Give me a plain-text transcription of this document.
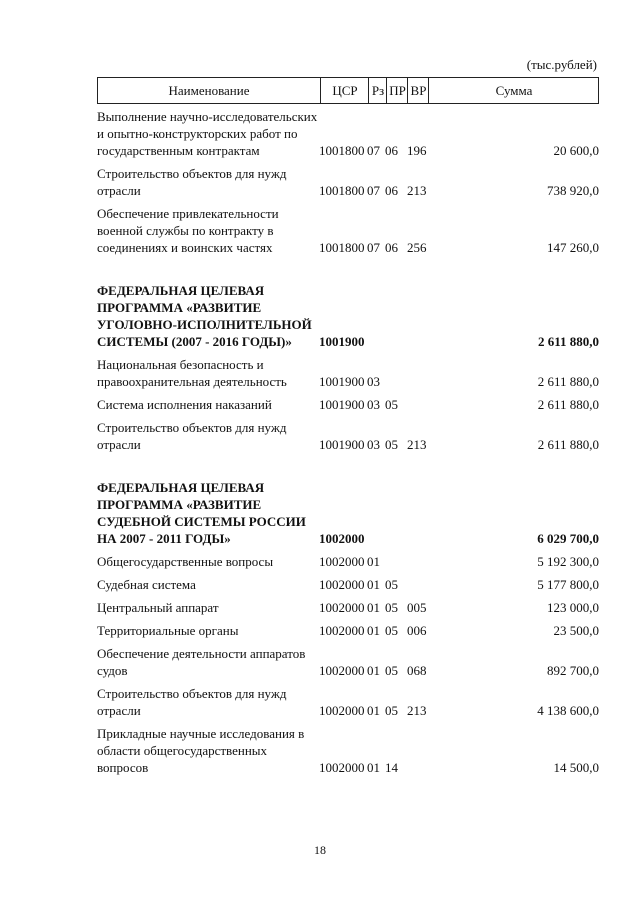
(тыс.рублей)
Наименование	ЦСР	Рз ПР ВР	Сумма
Выполнение научно-исследовательских и опытно-конструкторских работ по государственным контрактам	1001800 07 06 196	20 600,0
Строительство объектов для нужд отрасли	1001800 07 06 213	738 920,0
Обеспечение привлекательности военной службы по контракту в соединениях и воинских частях	1001800 07 06 256	147 260,0
ФЕДЕРАЛЬНАЯ ЦЕЛЕВАЯ ПРОГРАММА «РАЗВИТИЕ УГОЛОВНО-ИСПОЛНИТЕЛЬНОЙ СИСТЕМЫ (2007 - 2016 ГОДЫ)»	1001900	2 611 880,0
Национальная безопасность и правоохранительная деятельность	1001900 03	2 611 880,0
Система исполнения наказаний	1001900 03 05	2 611 880,0
Строительство объектов для нужд отрасли	1001900 03 05 213	2 611 880,0
ФЕДЕРАЛЬНАЯ ЦЕЛЕВАЯ ПРОГРАММА «РАЗВИТИЕ СУДЕБНОЙ СИСТЕМЫ РОССИИ НА 2007 - 2011 ГОДЫ»	1002000	6 029 700,0
Общегосударственные вопросы	1002000 01	5 192 300,0
Судебная система	1002000 01 05	5 177 800,0
Центральный аппарат	1002000 01 05 005	123 000,0
Территориальные органы	1002000 01 05 006	23 500,0
Обеспечение деятельности аппаратов судов	1002000 01 05 068	892 700,0
Строительство объектов для нужд отрасли	1002000 01 05 213	4 138 600,0
Прикладные научные исследования в области общегосударственных вопросов	1002000 01 14	14 500,0
18
